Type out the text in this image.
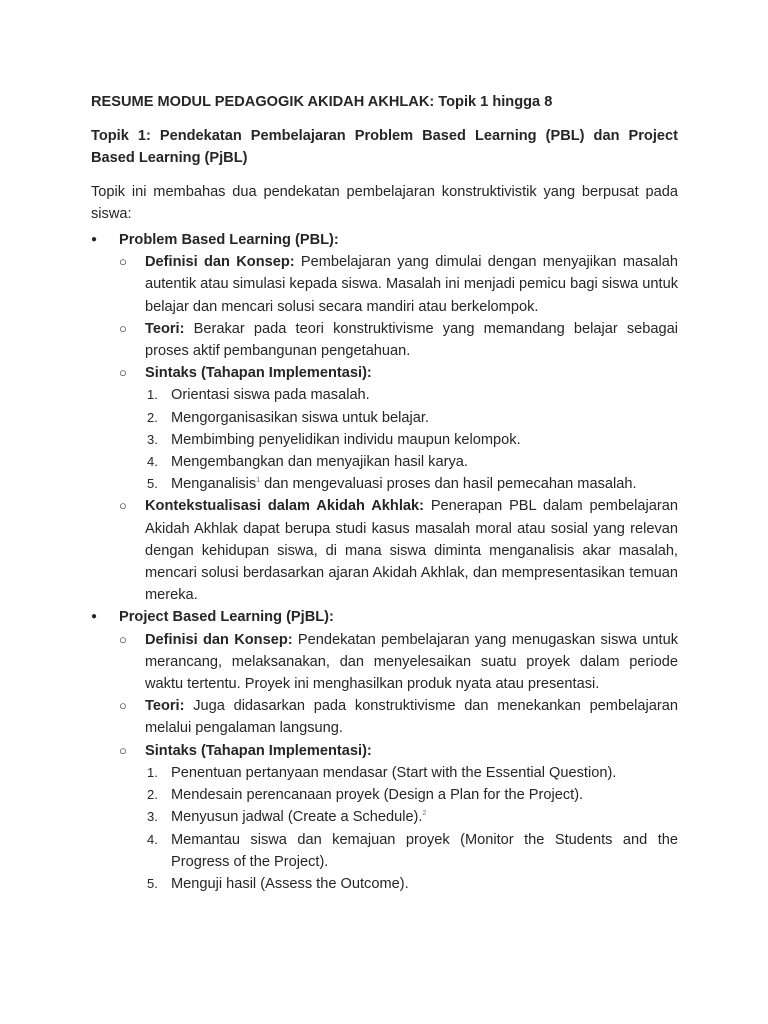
RESUME MODUL PEDAGOGIK AKIDAH AKHLAK: Topik 1 hingga 8

Topik 1: Pendekatan Pembelajaran Problem Based Learning (PBL) dan Project Based Learning (PjBL)

Topik ini membahas dua pendekatan pembelajaran konstruktivistik yang berpusat pada siswa:

●	Problem Based Learning (PBL):
○	Definisi dan Konsep: Pembelajaran yang dimulai dengan menyajikan masalah autentik atau simulasi kepada siswa. Masalah ini menjadi pemicu bagi siswa untuk belajar dan mencari solusi secara mandiri atau berkelompok.
○	Teori: Berakar pada teori konstruktivisme yang memandang belajar sebagai proses aktif pembangunan pengetahuan.
○	Sintaks (Tahapan Implementasi):
1. Orientasi siswa pada masalah.
2. Mengorganisasikan siswa untuk belajar.
3. Membimbing penyelidikan individu maupun kelompok.
4. Mengembangkan dan menyajikan hasil karya.
5. Menganalisis$^1$ dan mengevaluasi proses dan hasil pemecahan masalah.
○	Kontekstualisasi dalam Akidah Akhlak: Penerapan PBL dalam pembelajaran Akidah Akhlak dapat berupa studi kasus masalah moral atau sosial yang relevan dengan kehidupan siswa, di mana siswa diminta menganalisis akar masalah, mencari solusi berdasarkan ajaran Akidah Akhlak, dan mempresentasikan temuan mereka.
●	Project Based Learning (PjBL):
○	Definisi dan Konsep: Pendekatan pembelajaran yang menugaskan siswa untuk merancang, melaksanakan, dan menyelesaikan suatu proyek dalam periode waktu tertentu. Proyek ini menghasilkan produk nyata atau presentasi.
○	Teori: Juga didasarkan pada konstruktivisme dan menekankan pembelajaran melalui pengalaman langsung.
○	Sintaks (Tahapan Implementasi):
1. Penentuan pertanyaan mendasar (Start with the Essential Question).
2. Mendesain perencanaan proyek (Design a Plan for the Project).
3. Menyusun jadwal (Create a Schedule).$^2$
4. Memantau siswa dan kemajuan proyek (Monitor the Students and the Progress of the Project).
5. Menguji hasil (Assess the Outcome).
